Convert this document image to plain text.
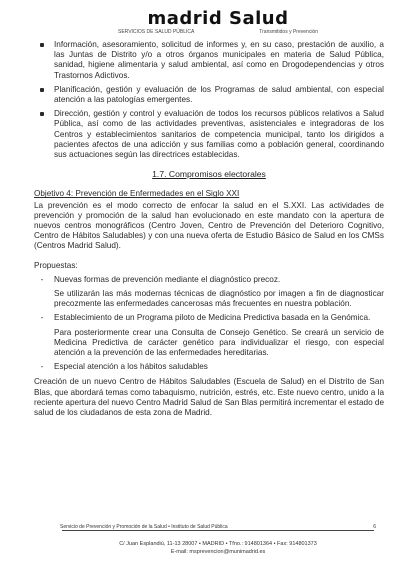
madrid Salud
SERVICIOS DE SALUD PÚBLICA	Transmitidos y Prevención
Información, asesoramiento, solicitud de informes y, en su caso, prestación de auxilio, a las Juntas de Distrito y/o a otros órganos municipales en materia de Salud Pública, sanidad, higiene alimentaria y salud ambiental, así como en Drogodependencias y otros Trastornos Adictivos.
Planificación, gestión y evaluación de los Programas de salud ambiental, con especial atención a las patologías emergentes.
Dirección, gestión y control y evaluación de todos los recursos públicos relativos a Salud Pública, así como de las actividades preventivas, asistenciales e integradoras de los Centros y establecimientos sanitarios de competencia municipal, tanto los dirigidos a pacientes afectos de una adicción y sus familias como a población general, coordinando sus actuaciones según las directrices establecidas.
1.7. Compromisos electorales
Objetivo 4: Prevención de Enfermedades en el Siglo XXI

La prevención es el modo correcto de enfocar la salud en el S.XXI. Las actividades de prevención y promoción de la salud han evolucionado en este mandato con la apertura de nuevos centros monográficos (Centro Joven, Centro de Prevención del Deterioro Cognitivo, Centro de Hábitos Saludables) y con una nueva oferta de Estudio Básico de Salud en los CMSs (Centros Madrid Salud).

Propuestas:
-	Nuevas formas de prevención mediante el diagnóstico precoz.

Se utilizarán las más modernas técnicas de diagnóstico por imagen a fin de diagnosticar precozmente las enfermedades cancerosas más frecuentes en nuestra población.

-	Establecimiento de un Programa piloto de Medicina Predictiva basada en la Genómica.

Para posteriormente crear una Consulta de Consejo Genético. Se creará un servicio de Medicina Predictiva de carácter genético para individualizar el riesgo, con especial atención a la prevención de las enfermedades hereditarias.

-	Especial atención a los hábitos saludables

Creación de un nuevo Centro de Hábitos Saludables (Escuela de Salud) en el Distrito de San Blas, que abordará temas como tabaquismo, nutrición, estrés, etc. Este nuevo centro, unido a la reciente apertura del nuevo Centro Madrid Salud de San Blas permitirá incrementar el estado de salud de los ciudadanos de esta zona de Madrid.

Servicio de Prevención y Promoción de la Salud • Instituto de Salud Pública	6
C/ Juan Esplandiú, 11-13 28007 • MADRID • Tfno.: 914801364 • Fax: 914801373
E-mail: msprevencion@munimadrid.es
